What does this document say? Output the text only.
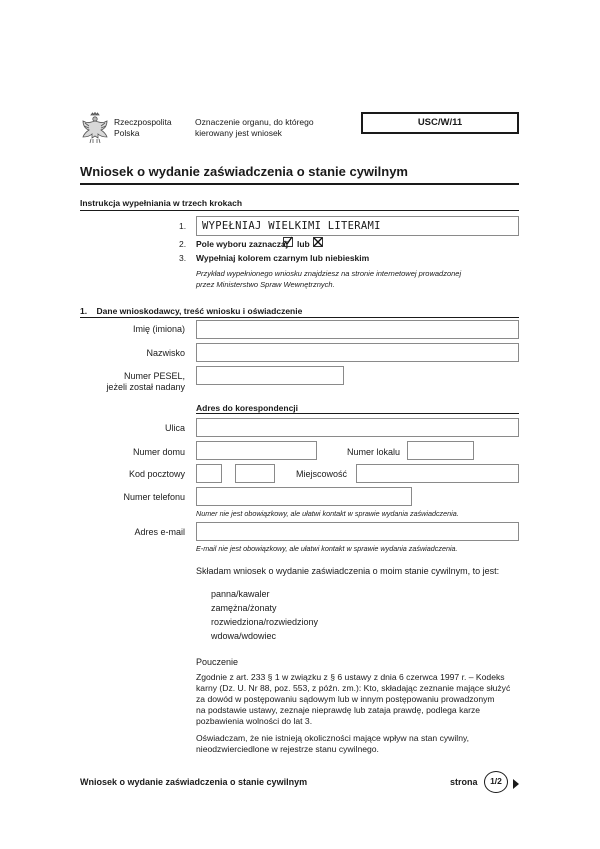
Rzeczpospolita
Polska
Oznaczenie organu, do którego
kierowany jest wniosek
USC/W/11
Wniosek o wydanie zaświadczenia o stanie cywilnym
Instrukcja wypełniania w trzech krokach
1. WYPEŁNIAJ WIELKIMI LITERAMI
2. Pole wyboru zaznaczaj lub
3. Wypełniaj kolorem czarnym lub niebieskim
Przykład wypełnionego wniosku znajdziesz na stronie internetowej prowadzonej
przez Ministerstwo Spraw Wewnętrznych.
1.    Dane wnioskodawcy, treść wniosku i oświadczenie
Imię (imiona)
Nazwisko
Numer PESEL,
jeżeli został nadany
Adres do korespondencji
Ulica
Numer domu	Numer lokalu
Kod pocztowy	Miejscowość
Numer telefonu
Numer nie jest obowiązkowy, ale ułatwi kontakt w sprawie wydania zaświadczenia.
Adres e-mail
E-mail nie jest obowiązkowy, ale ułatwi kontakt w sprawie wydania zaświadczenia.
Składam wniosek o wydanie zaświadczenia o moim stanie cywilnym, to jest:
panna/kawaler
zamężna/żonaty
rozwiedziona/rozwiedziony
wdowa/wdowiec
Pouczenie
Zgodnie z art. 233 § 1 w związku z § 6 ustawy z dnia 6 czerwca 1997 r. – Kodeks
karny (Dz. U. Nr 88, poz. 553, z późn. zm.): Kto, składając zeznanie mające służyć
za dowód w postępowaniu sądowym lub w innym postępowaniu prowadzonym
na podstawie ustawy, zeznaje nieprawdę lub zataja prawdę, podlega karze
pozbawienia wolności do lat 3.
Oświadczam, że nie istnieją okoliczności mające wpływ na stan cywilny,
nieodzwierciedlone w rejestrze stanu cywilnego.
Wniosek o wydanie zaświadczenia o stanie cywilnym	strona	1/2
